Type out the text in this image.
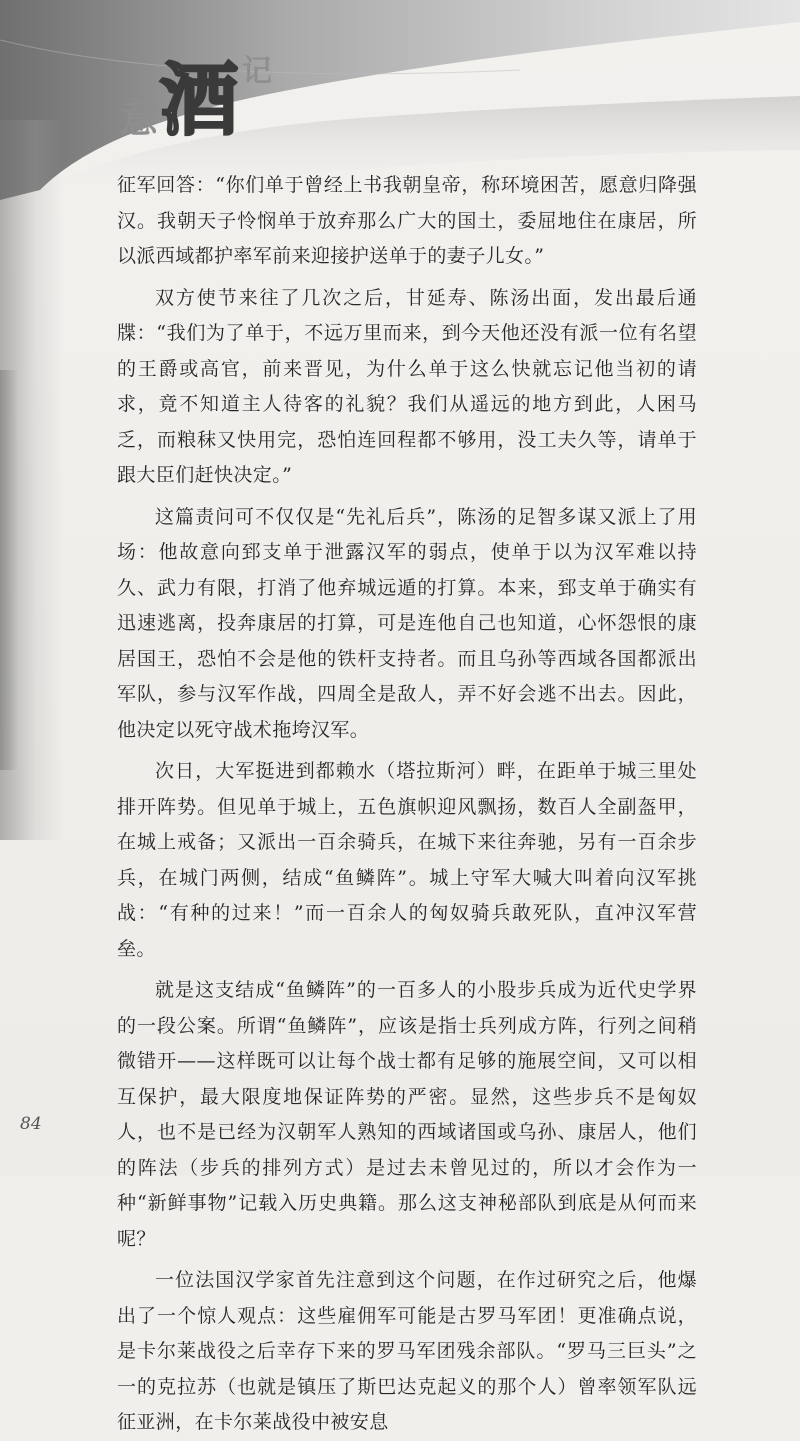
意 酒 记

征军回答：“你们单于曾经上书我朝皇帝，称环境困苦，愿意归降强汉。我朝天子怜悯单于放弃那么广大的国土，委屈地住在康居，所以派西域都护率军前来迎接护送单于的妻子儿女。”

双方使节来往了几次之后，甘延寿、陈汤出面，发出最后通牒：“我们为了单于，不远万里而来，到今天他还没有派一位有名望的王爵或高官，前来晋见，为什么单于这么快就忘记他当初的请求，竟不知道主人待客的礼貌？我们从遥远的地方到此，人困马乏，而粮秣又快用完，恐怕连回程都不够用，没工夫久等，请单于跟大臣们赶快决定。”

这篇责问可不仅仅是“先礼后兵”，陈汤的足智多谋又派上了用场：他故意向郅支单于泄露汉军的弱点，使单于以为汉军难以持久、武力有限，打消了他弃城远遁的打算。本来，郅支单于确实有迅速逃离，投奔康居的打算，可是连他自己也知道，心怀怨恨的康居国王，恐怕不会是他的铁杆支持者。而且乌孙等西域各国都派出军队，参与汉军作战，四周全是敌人，弄不好会逃不出去。因此，他决定以死守战术拖垮汉军。

次日，大军挺进到都赖水（塔拉斯河）畔，在距单于城三里处排开阵势。但见单于城上，五色旗帜迎风飘扬，数百人全副盔甲，在城上戒备；又派出一百余骑兵，在城下来往奔驰，另有一百余步兵，在城门两侧，结成“鱼鳞阵”。城上守军大喊大叫着向汉军挑战：“有种的过来！”而一百余人的匈奴骑兵敢死队，直冲汉军营垒。

就是这支结成“鱼鳞阵”的一百多人的小股步兵成为近代史学界的一段公案。所谓“鱼鳞阵”，应该是指士兵列成方阵，行列之间稍微错开——这样既可以让每个战士都有足够的施展空间，又可以相互保护，最大限度地保证阵势的严密。显然，这些步兵不是匈奴人，也不是已经为汉朝军人熟知的西域诸国或乌孙、康居人，他们的阵法（步兵的排列方式）是过去未曾见过的，所以才会作为一种“新鲜事物”记载入历史典籍。那么这支神秘部队到底是从何而来呢？

一位法国汉学家首先注意到这个问题，在作过研究之后，他爆出了一个惊人观点：这些雇佣军可能是古罗马军团！更准确点说，是卡尔莱战役之后幸存下来的罗马军团残余部队。“罗马三巨头”之一的克拉苏（也就是镇压了斯巴达克起义的那个人）曾率领军队远征亚洲，在卡尔莱战役中被安息

84
